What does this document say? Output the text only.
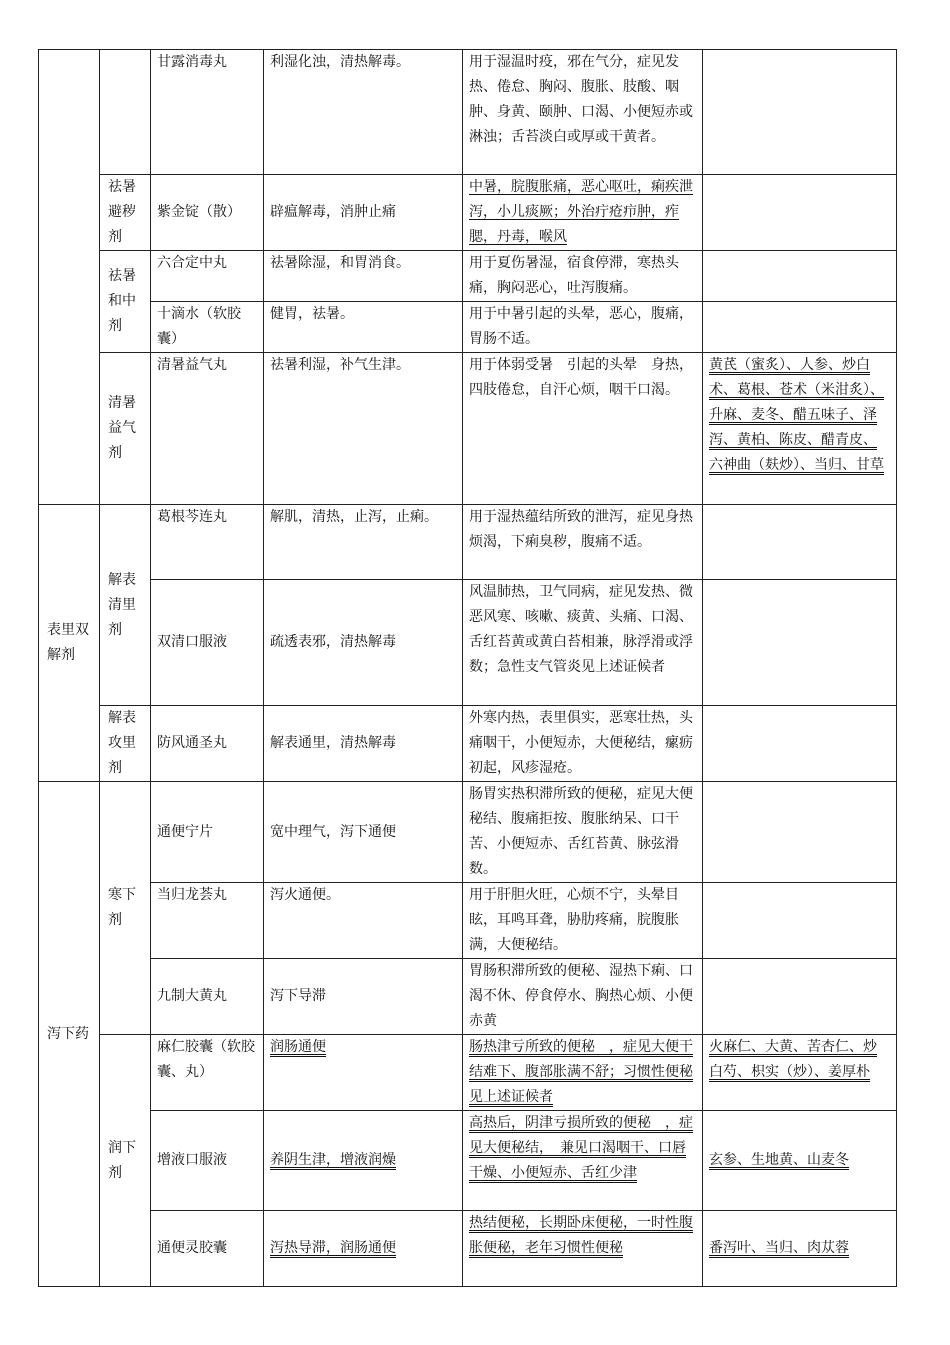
		甘露消毒丸	利湿化浊，清热解毒。	用于湿温时疫，邪在气分，症见发热、倦怠、胸闷、腹胀、肢酸、咽肿、身黄、颐肿、口渴、小便短赤或淋浊；舌苔淡白或厚或干黄者。	
	祛暑避秽剂	紫金锭（散）	辟瘟解毒，消肿止痛	中暑，脘腹胀痛，恶心呕吐，痢疾泄泻，小儿痰厥；外治疔疮疖肿，痄腮，丹毒，喉风	
	祛暑和中剂	六合定中丸	祛暑除湿，和胃消食。	用于夏伤暑湿，宿食停滞，寒热头痛，胸闷恶心，吐泻腹痛。	
		十滴水（软胶囊）	健胃，祛暑。	用于中暑引起的头晕，恶心，腹痛，胃肠不适。	
	清暑益气剂	清暑益气丸	祛暑利湿，补气生津。	用于体弱受暑　引起的头晕　身热，四肢倦怠，自汗心烦，咽干口渴。	黄芪（蜜炙）、人参、炒白术、葛根、苍术（米泔炙）、升麻、麦冬、醋五味子、泽泻、黄柏、陈皮、醋青皮、六神曲（麸炒）、当归、甘草
表里双解剂	解表清里剂	葛根芩连丸	解肌，清热，止泻，止痢。	用于湿热蕴结所致的泄泻，症见身热烦渴，下痢臭秽，腹痛不适。	
		双清口服液	疏透表邪，清热解毒	风温肺热，卫气同病，症见发热、微恶风寒、咳嗽、痰黄、头痛、口渴、舌红苔黄或黄白苔相兼，脉浮滑或浮数；急性支气管炎见上述证候者	
	解表攻里剂	防风通圣丸	解表通里，清热解毒	外寒内热，表里俱实，恶寒壮热，头痛咽干，小便短赤，大便秘结，瘰疬初起，风疹湿疮。	
泻下药	寒下剂	通便宁片	宽中理气，泻下通便	肠胃实热积滞所致的便秘，症见大便秘结、腹痛拒按、腹胀纳呆、口干苦、小便短赤、舌红苔黄、脉弦滑数。	
		当归龙荟丸	泻火通便。	用于肝胆火旺，心烦不宁，头晕目眩，耳鸣耳聋，胁肋疼痛，脘腹胀满，大便秘结。	
		九制大黄丸	泻下导滞	胃肠积滞所致的便秘、湿热下痢、口渴不休、停食停水、胸热心烦、小便赤黄	
	润下剂	麻仁胶囊（软胶囊、丸）	润肠通便	肠热津亏所致的便秘　，症见大便干结难下、腹部胀满不舒；习惯性便秘见上述证候者	火麻仁、大黄、苦杏仁、炒白芍、枳实（炒）、姜厚朴
		增液口服液	养阴生津，增液润燥	高热后，阴津亏损所致的便秘　，症见大便秘结，　兼见口渴咽干、口唇干燥、小便短赤、舌红少津	玄参、生地黄、山麦冬
		通便灵胶囊	泻热导滞，润肠通便	热结便秘，长期卧床便秘，一时性腹胀便秘，老年习惯性便秘	番泻叶、当归、肉苁蓉
